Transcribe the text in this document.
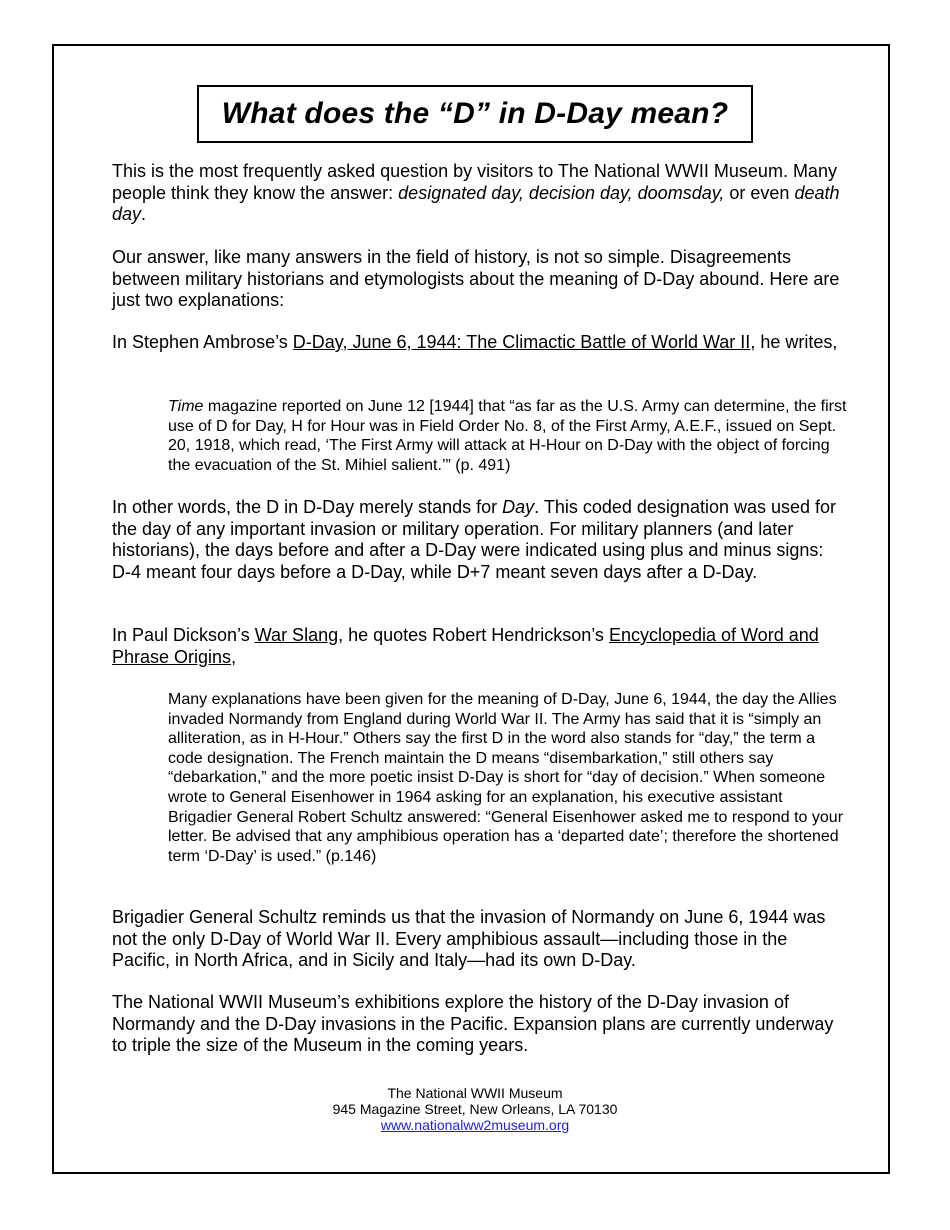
What does the “D” in D-Day mean?

This is the most frequently asked question by visitors to The National WWII Museum. Many people think they know the answer: designated day, decision day, doomsday, or even death day.

Our answer, like many answers in the field of history, is not so simple. Disagreements between military historians and etymologists about the meaning of D-Day abound. Here are just two explanations:

In Stephen Ambrose’s D-Day, June 6, 1944: The Climactic Battle of World War II, he writes,

Time magazine reported on June 12 [1944] that “as far as the U.S. Army can determine, the first use of D for Day, H for Hour was in Field Order No. 8, of the First Army, A.E.F., issued on Sept. 20, 1918, which read, ‘The First Army will attack at H-Hour on D-Day with the object of forcing the evacuation of the St. Mihiel salient.’” (p. 491)

In other words, the D in D-Day merely stands for Day. This coded designation was used for the day of any important invasion or military operation. For military planners (and later historians), the days before and after a D-Day were indicated using plus and minus signs: D-4 meant four days before a D-Day, while D+7 meant seven days after a D-Day.

In Paul Dickson’s War Slang, he quotes Robert Hendrickson’s Encyclopedia of Word and Phrase Origins,

Many explanations have been given for the meaning of D-Day, June 6, 1944, the day the Allies invaded Normandy from England during World War II. The Army has said that it is “simply an alliteration, as in H-Hour.” Others say the first D in the word also stands for “day,” the term a code designation. The French maintain the D means “disembarkation,” still others say “debarkation,” and the more poetic insist D-Day is short for “day of decision.” When someone wrote to General Eisenhower in 1964 asking for an explanation, his executive assistant Brigadier General Robert Schultz answered: “General Eisenhower asked me to respond to your letter. Be advised that any amphibious operation has a ‘departed date’; therefore the shortened term ‘D-Day’ is used.” (p.146)

Brigadier General Schultz reminds us that the invasion of Normandy on June 6, 1944 was not the only D-Day of World War II. Every amphibious assault—including those in the Pacific, in North Africa, and in Sicily and Italy—had its own D-Day.

The National WWII Museum’s exhibitions explore the history of the D-Day invasion of Normandy and the D-Day invasions in the Pacific. Expansion plans are currently underway to triple the size of the Museum in the coming years.

The National WWII Museum
945 Magazine Street, New Orleans, LA 70130
www.nationalww2museum.org
